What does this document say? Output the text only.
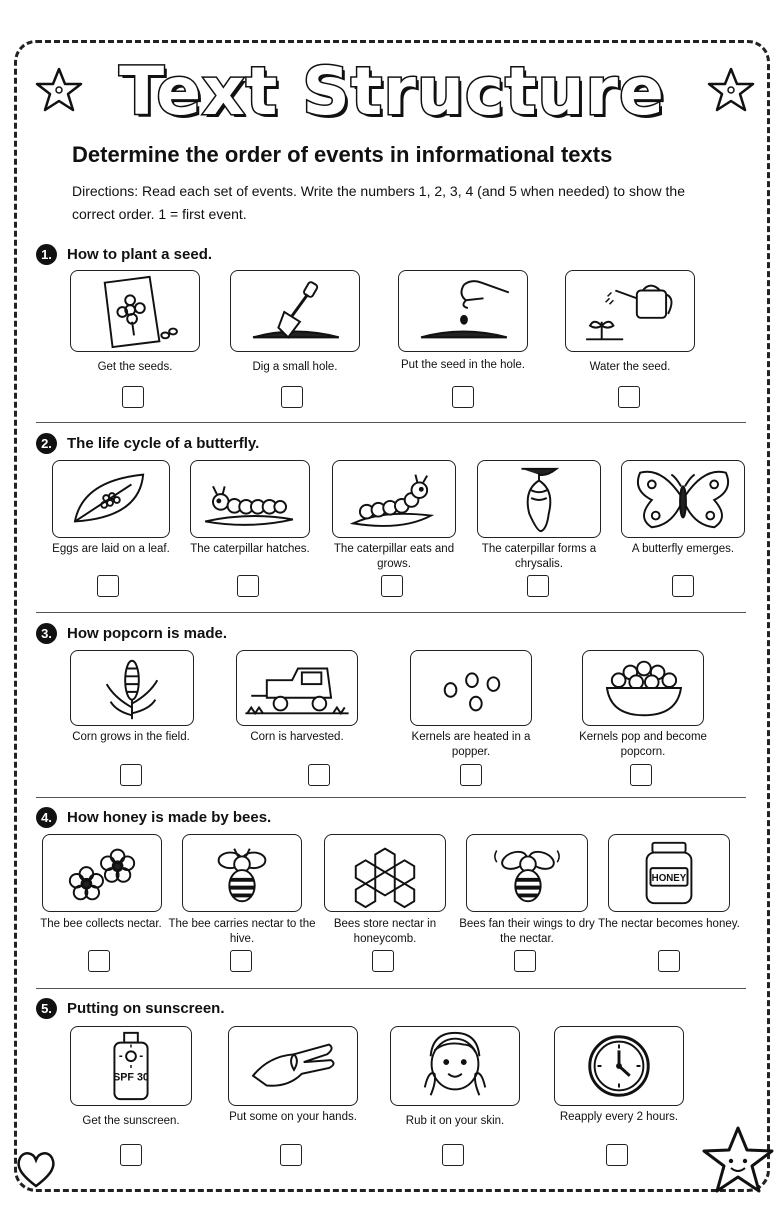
Text Structure
Determine the order of events in informational texts
Directions: Read each set of events. Write the numbers 1, 2, 3, 4 (and 5 when needed) to show the correct order. 1 = first event.
1.	How to plant a seed.
Get the seeds.	Dig a small hole.	Put the seed in the hole.	Water the seed.
2.	The life cycle of a butterfly.
Eggs are laid on a leaf.	The caterpillar hatches.	The caterpillar eats and grows.
The caterpillar forms a chrysalis.
A butterfly emerges.
3.	How popcorn is made.
Corn grows in the field.	Corn is harvested.	Kernels are heated in a popper.
Kernels pop and become popcorn.
4.	How honey is made by bees.
The bee collects nectar. The bee carries nectar to the hive.
Bees store nectar in honeycomb.
Bees fan their wings to dry the nectar.
HONEY
The nectar becomes honey.
5.	Putting on sunscreen.
SPF 30
Get the sunscreen.	Put some on your hands.	Rub it on your skin.	Reapply every 2 hours.
